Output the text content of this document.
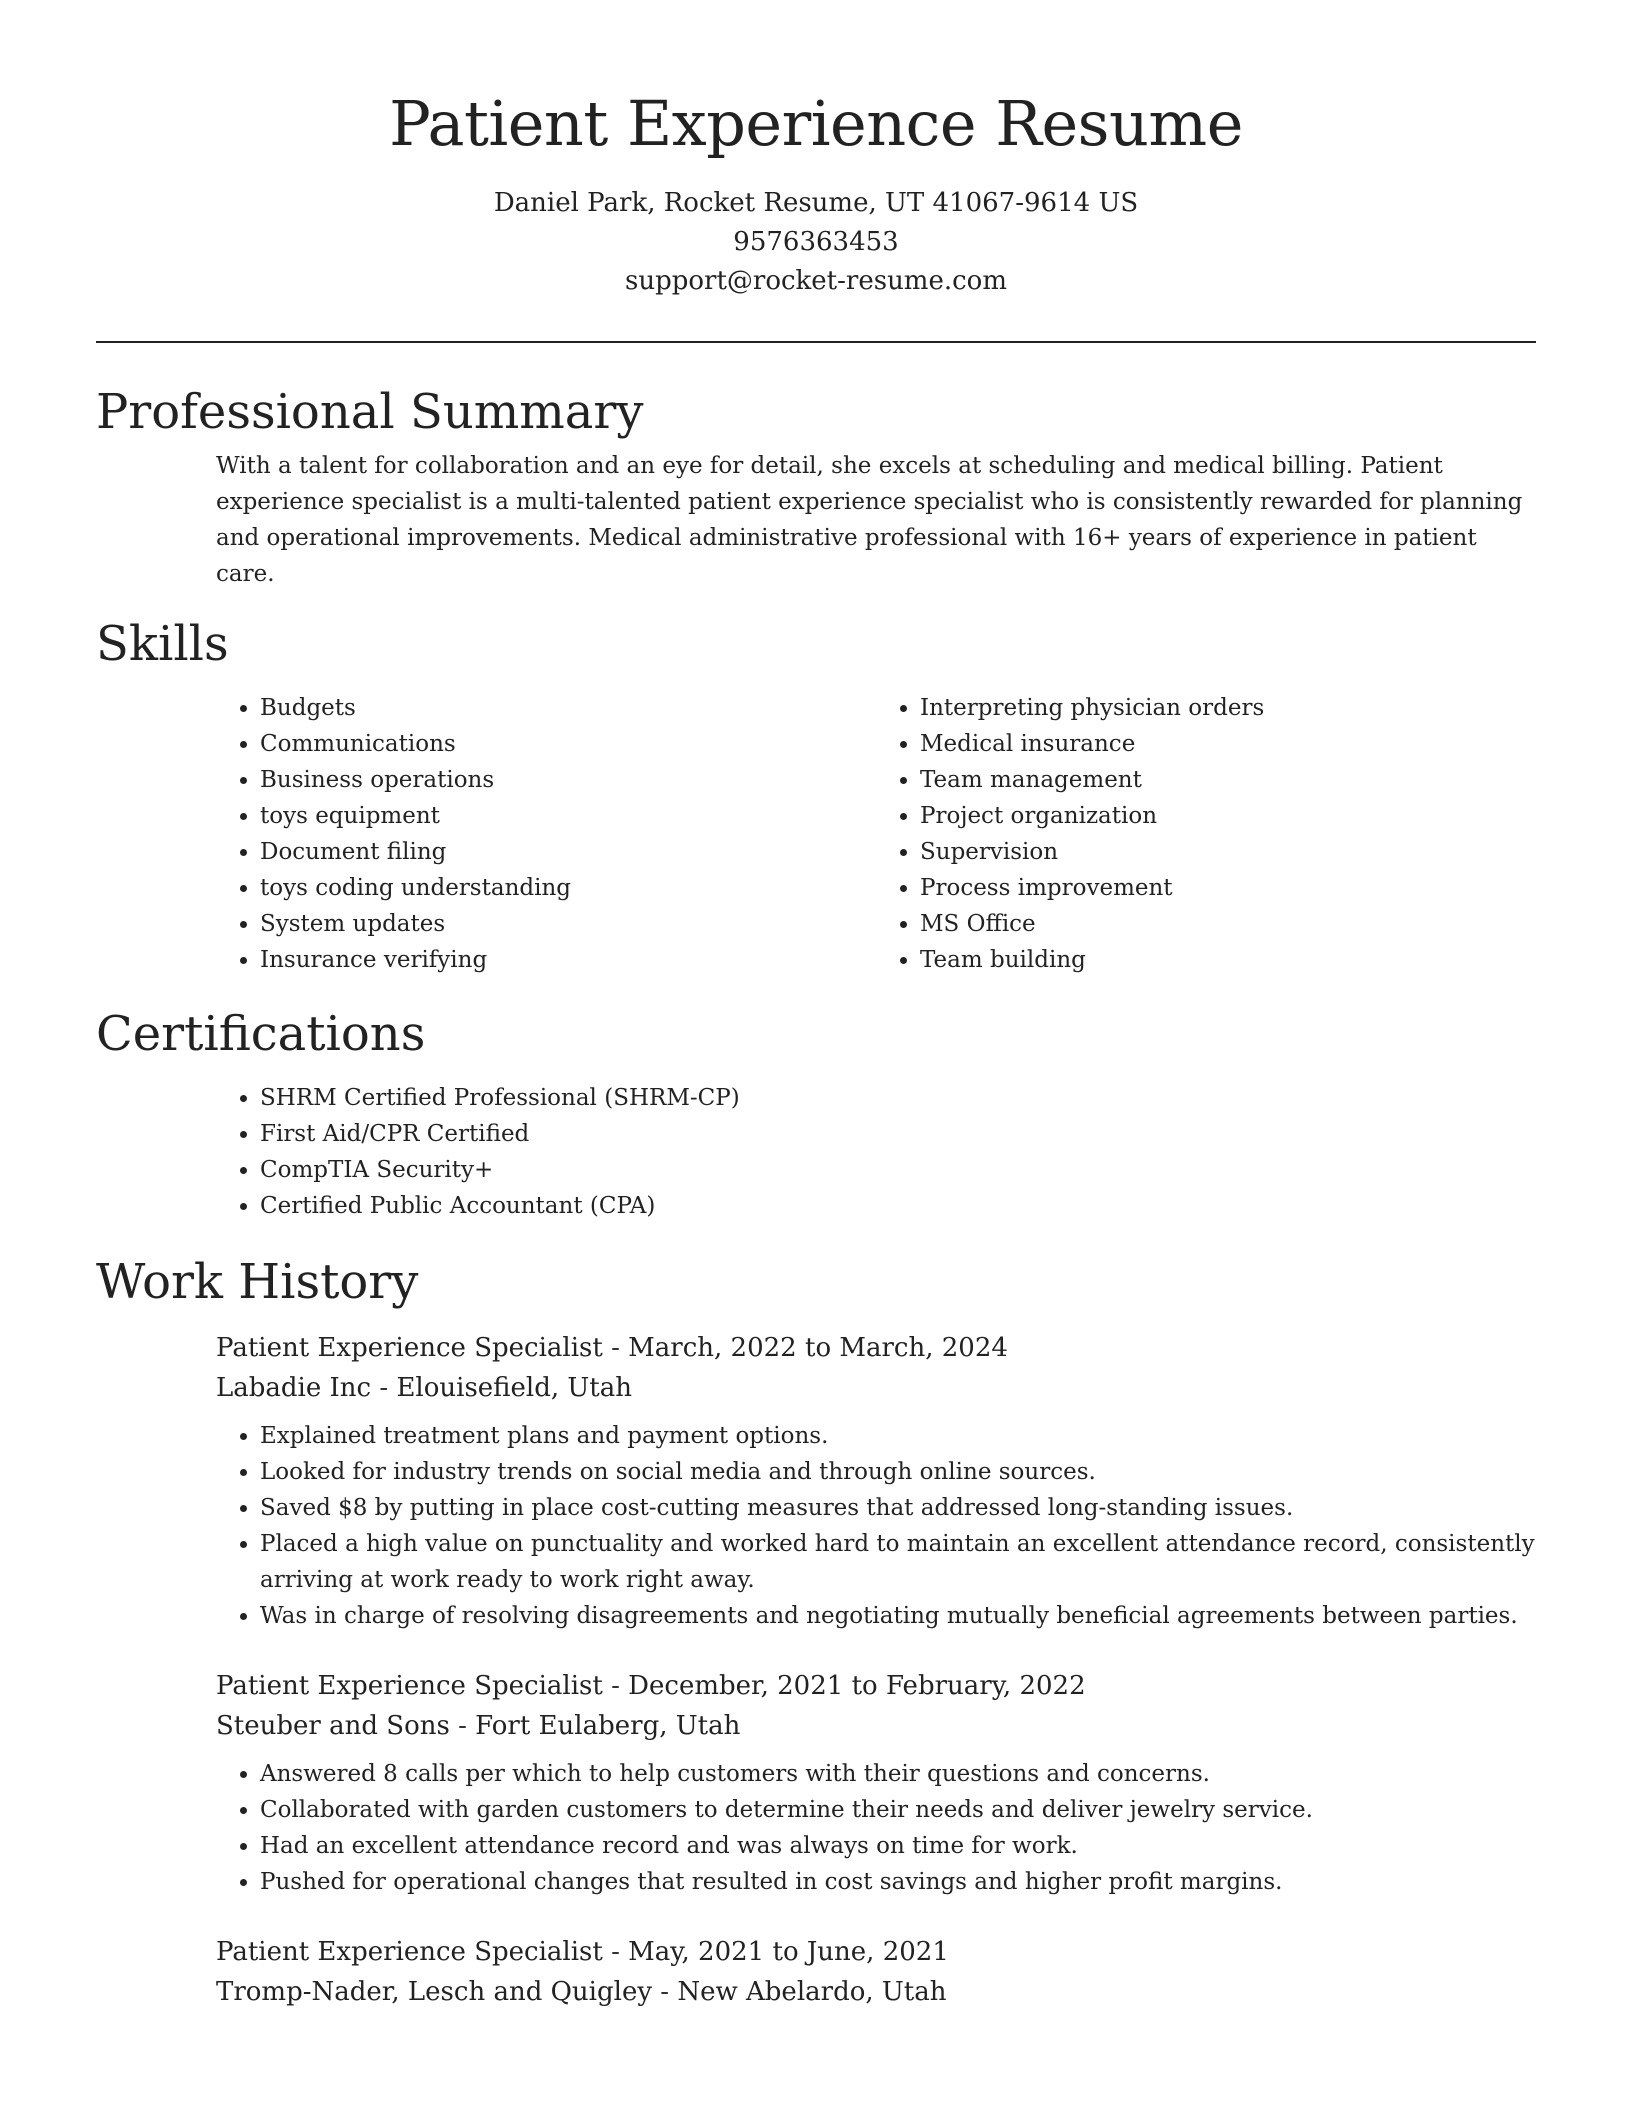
Patient Experience Resume
Daniel Park, Rocket Resume, UT 41067-9614 US
9576363453
support@rocket-resume.com
Professional Summary

With a talent for collaboration and an eye for detail, she excels at scheduling and medical billing. Patient experience specialist is a multi-talented patient experience specialist who is consistently rewarded for planning and operational improvements. Medical administrative professional with 16+ years of experience in patient care.

Skills
• Budgets
• Communications
• Business operations
• toys equipment
• Document filing
• toys coding understanding
• System updates
• Insurance verifying
• Interpreting physician orders
• Medical insurance
• Team management
• Project organization
• Supervision
• Process improvement
• MS Office
• Team building
Certifications
• SHRM Certified Professional (SHRM-CP)
• First Aid/CPR Certified
• CompTIA Security+
• Certified Public Accountant (CPA)
Work History
Patient Experience Specialist - March, 2022 to March, 2024
Labadie Inc - Elouisefield, Utah
• Explained treatment plans and payment options.
• Looked for industry trends on social media and through online sources.
• Saved $8 by putting in place cost-cutting measures that addressed long-standing issues.
• Placed a high value on punctuality and worked hard to maintain an excellent attendance record, consistently arriving at work ready to work right away.
• Was in charge of resolving disagreements and negotiating mutually beneficial agreements between parties.
Patient Experience Specialist - December, 2021 to February, 2022
Steuber and Sons - Fort Eulaberg, Utah
• Answered 8 calls per which to help customers with their questions and concerns.
• Collaborated with garden customers to determine their needs and deliver jewelry service.
• Had an excellent attendance record and was always on time for work.
• Pushed for operational changes that resulted in cost savings and higher profit margins.
Patient Experience Specialist - May, 2021 to June, 2021
Tromp-Nader, Lesch and Quigley - New Abelardo, Utah
